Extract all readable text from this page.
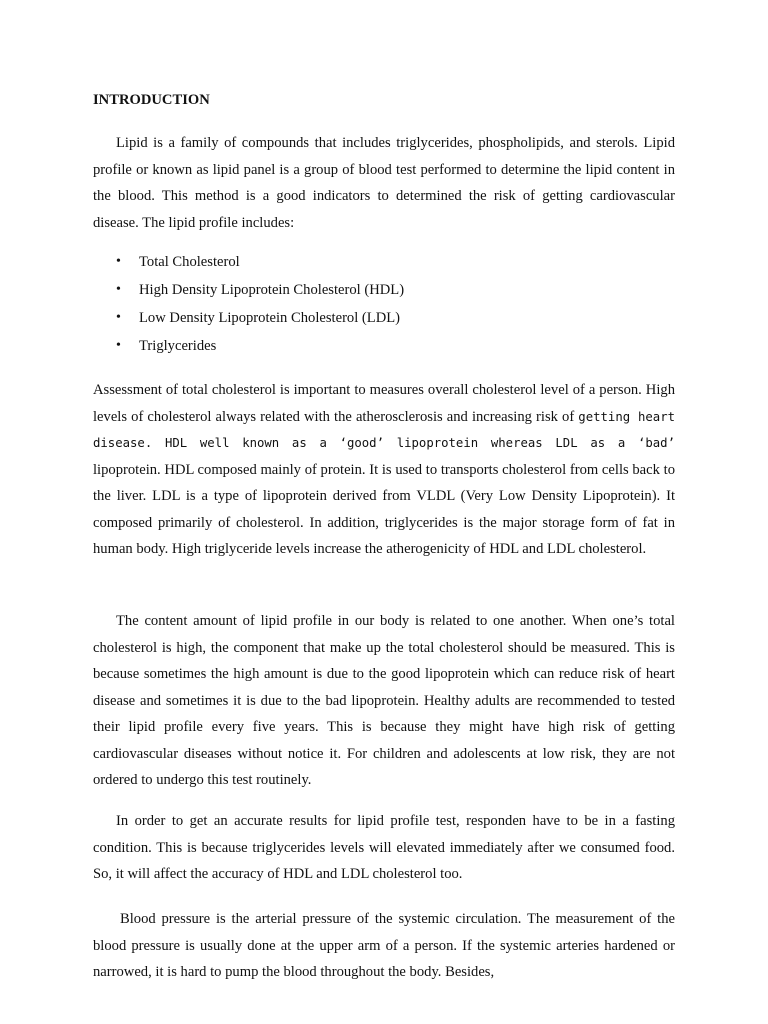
INTRODUCTION

Lipid is a family of compounds that includes triglycerides, phospholipids, and sterols. Lipid profile or known as lipid panel is a group of blood test performed to determine the lipid content in the blood. This method is a good indicators to determined the risk of getting cardiovascular disease. The lipid profile includes:

• Total Cholesterol
• High Density Lipoprotein Cholesterol (HDL)
• Low Density Lipoprotein Cholesterol (LDL)
• Triglycerides

Assessment of total cholesterol is important to measures overall cholesterol level of a person. High levels of cholesterol always related with the atherosclerosis and increasing risk of getting heart disease. HDL well known as a ‘good’ lipoprotein whereas LDL as a ‘bad’ lipoprotein. HDL composed mainly of protein. It is used to transports cholesterol from cells back to the liver. LDL is a type of lipoprotein derived from VLDL (Very Low Density Lipoprotein). It composed primarily of cholesterol. In addition, triglycerides is the major storage form of fat in human body. High triglyceride levels increase the atherogenicity of HDL and LDL cholesterol.

The content amount of lipid profile in our body is related to one another. When one’s total cholesterol is high, the component that make up the total cholesterol should be measured. This is because sometimes the high amount is due to the good lipoprotein which can reduce risk of heart disease and sometimes it is due to the bad lipoprotein. Healthy adults are recommended to tested their lipid profile every five years. This is because they might have high risk of getting cardiovascular diseases without notice it. For children and adolescents at low risk, they are not ordered to undergo this test routinely.

In order to get an accurate results for lipid profile test, responden have to be in a fasting condition. This is because triglycerides levels will elevated immediately after we consumed food. So, it will affect the accuracy of HDL and LDL cholesterol too.

Blood pressure is the arterial pressure of the systemic circulation. The measurement of the blood pressure is usually done at the upper arm of a person. If the systemic arteries hardened or narrowed, it is hard to pump the blood throughout the body. Besides,
